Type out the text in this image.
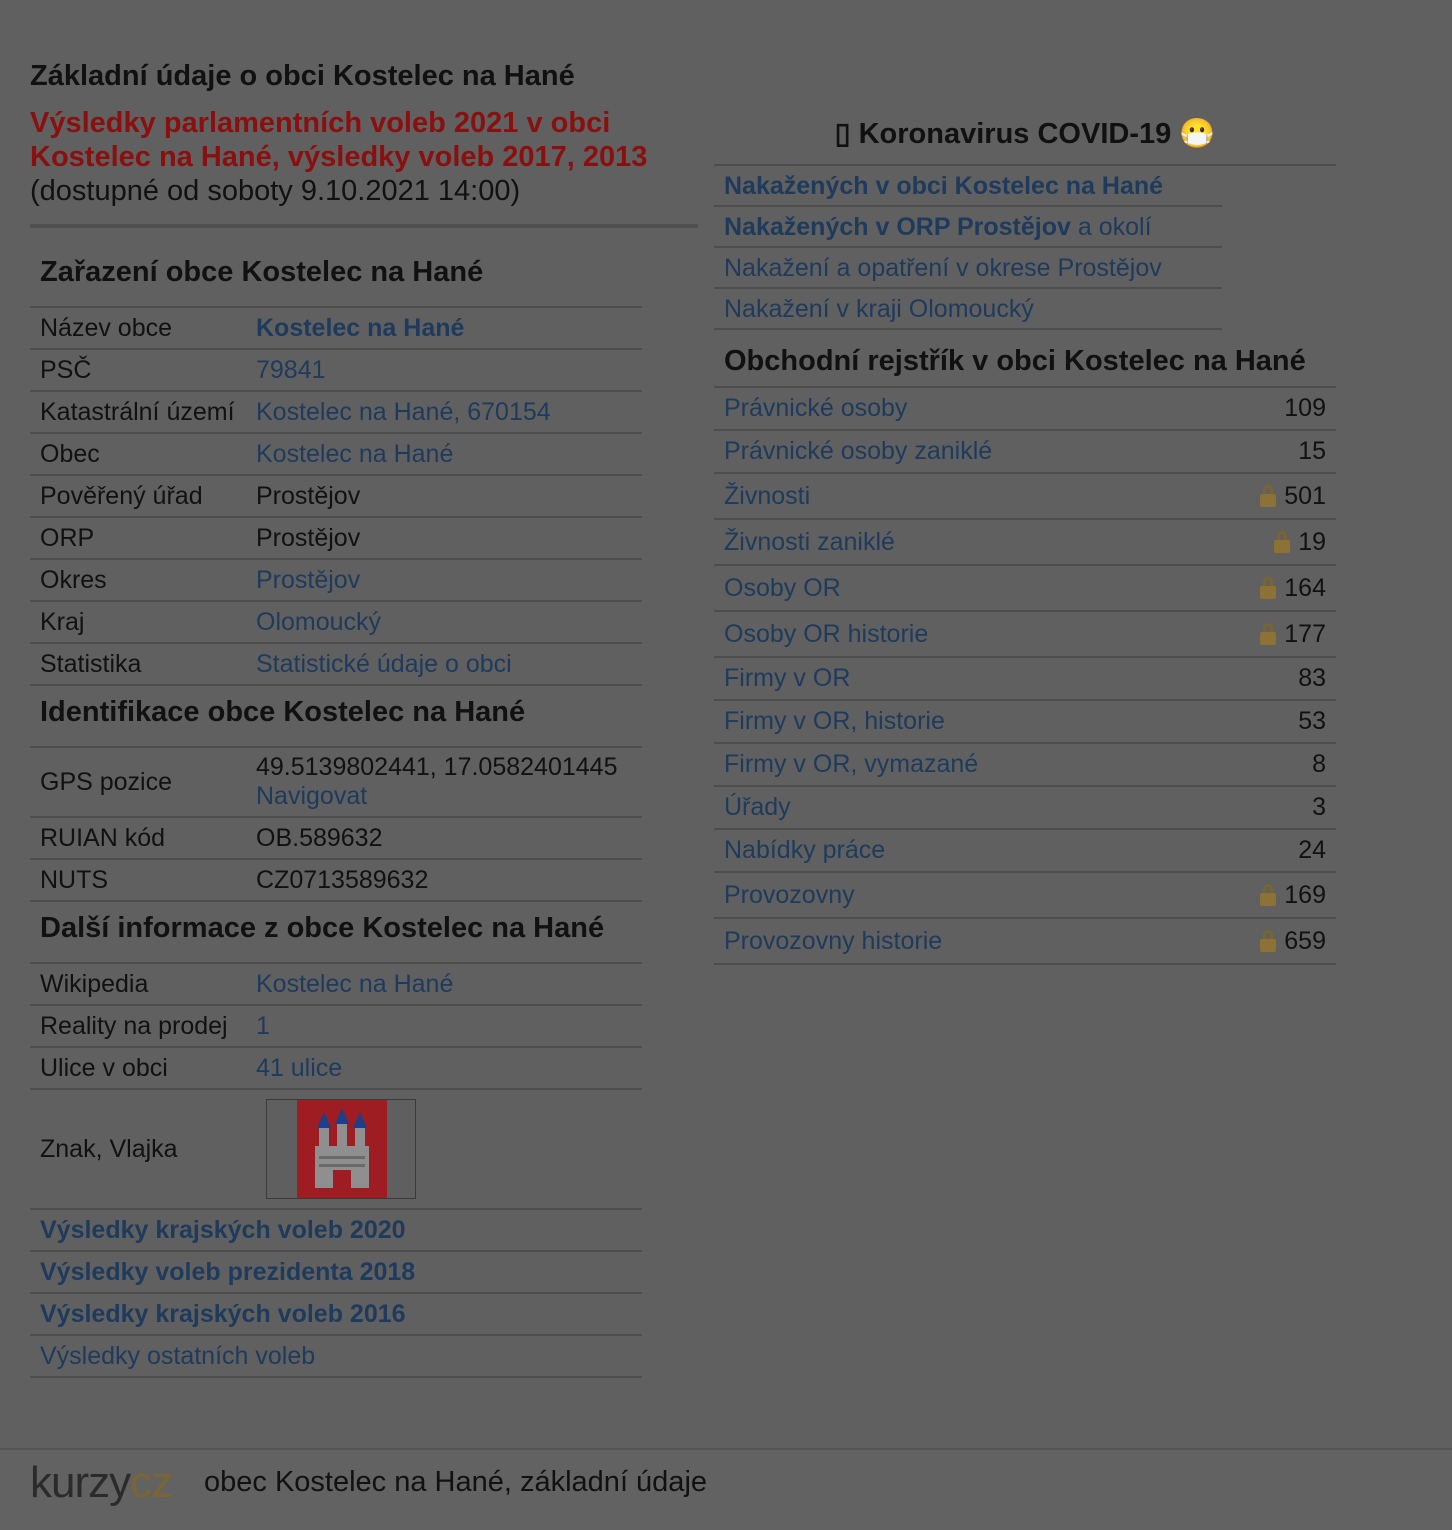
Základní údaje o obci Kostelec na Hané
Výsledky parlamentních voleb 2021 v obci Kostelec na Hané, výsledky voleb 2017, 2013
(dostupné od soboty 9.10.2021 14:00)
Zařazení obce Kostelec na Hané
Název obce	Kostelec na Hané
PSČ	79841
Katastrální území	Kostelec na Hané, 670154
Obec	Kostelec na Hané
Pověřený úřad	Prostějov
ORP	Prostějov
Okres	Prostějov
Kraj	Olomoucký
Statistika	Statistické údaje o obci
Identifikace obce Kostelec na Hané
GPS pozice	49.5139802441, 17.0582401445
Navigovat

RUIAN kód	OB.589632
NUTS	CZ0713589632
Další informace z obce Kostelec na Hané
Wikipedia	Kostelec na Hané
Reality na prodej	1
Ulice v obci	41 ulice
Znak, Vlajka	

Výsledky krajských voleb 2020	
Výsledky voleb prezidenta 2018	
Výsledky krajských voleb 2016	
Výsledky ostatních voleb	
▯ Koronavirus COVID-19 😷
Nakažených v obci Kostelec na Hané
Nakažených v ORP Prostějov a okolí
Nakažení a opatření v okrese Prostějov
Nakažení v kraji Olomoucký
Obchodní rejstřík v obci Kostelec na Hané
Právnické osoby	109
Právnické osoby zaniklé	15
Živnosti	501
Živnosti zaniklé	19
Osoby OR	164
Osoby OR historie	177
Firmy v OR	83
Firmy v OR, historie	53
Firmy v OR, vymazané	8
Úřady	3
Nabídky práce	24
Provozovny	169
Provozovny historie	659
kurzycz obec Kostelec na Hané, základní údaje
